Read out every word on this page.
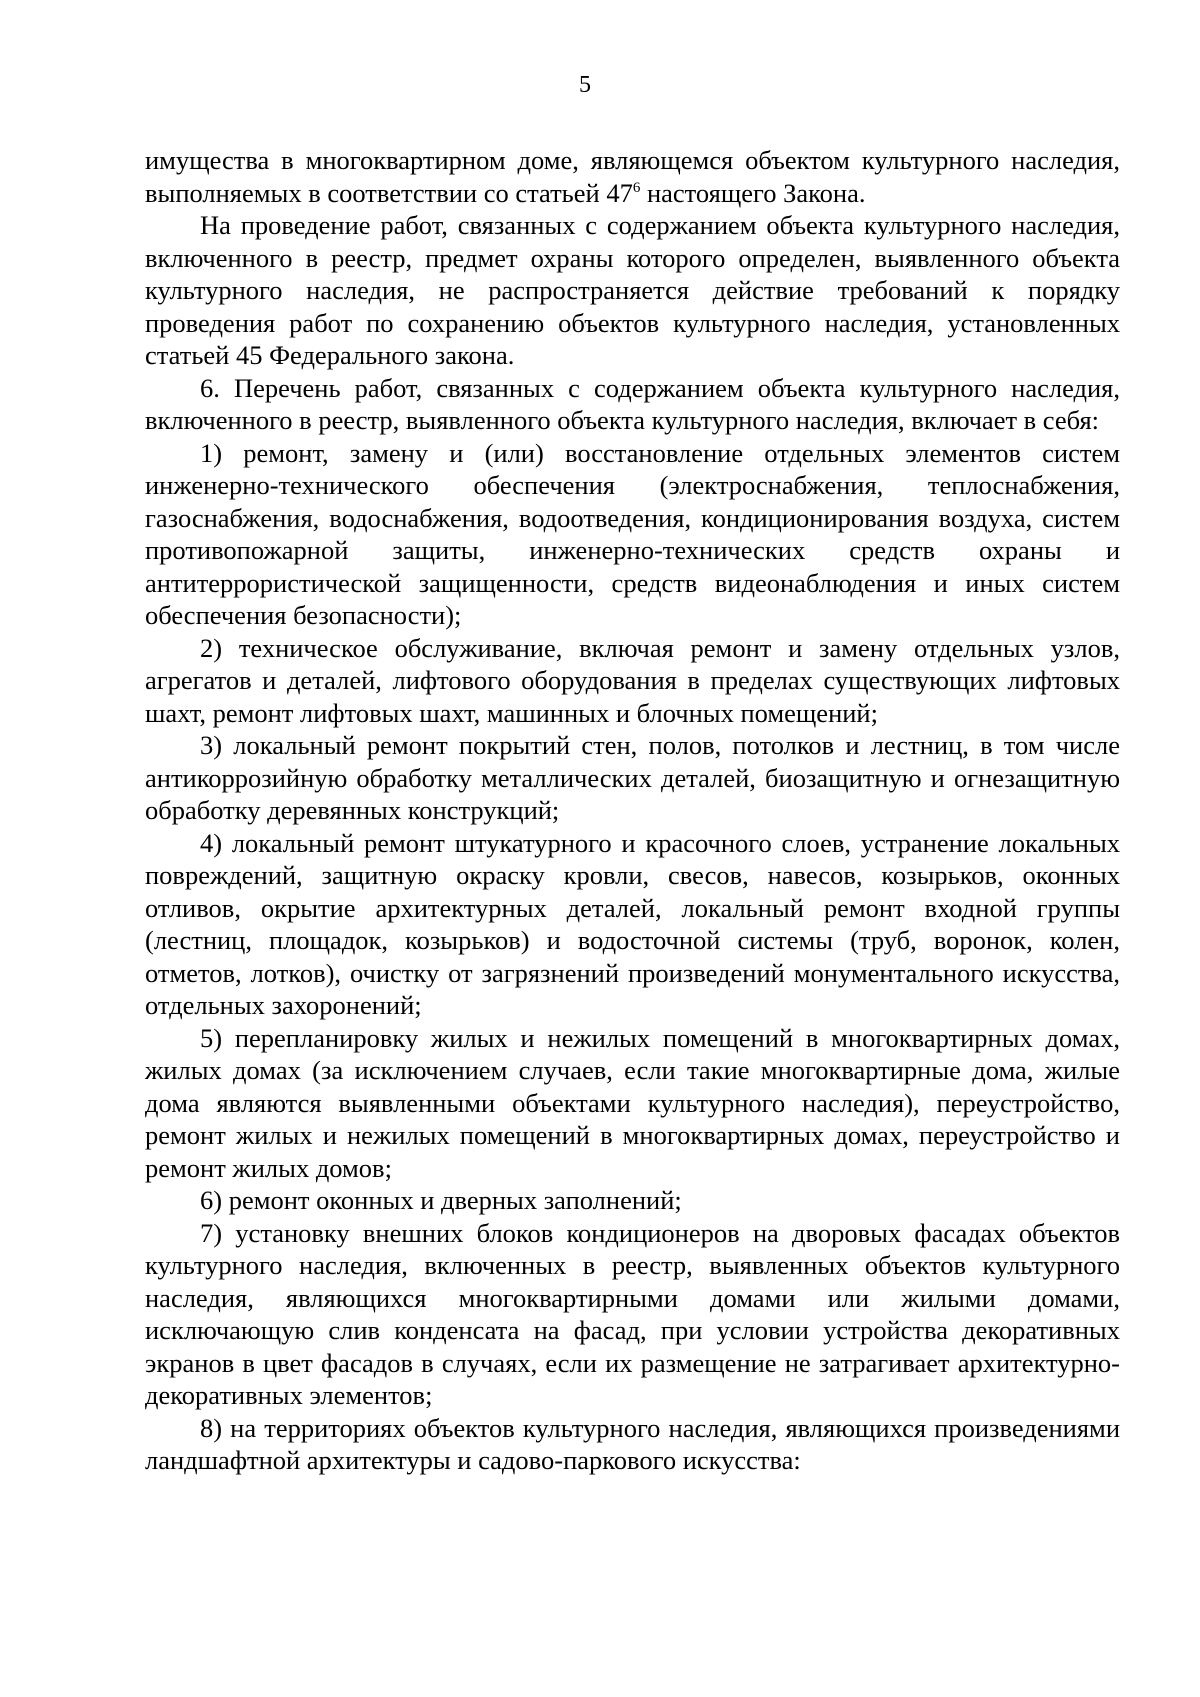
5

имущества в многоквартирном доме, являющемся объектом культурного наследия, выполняемых в соответствии со статьей $47^6$ настоящего Закона.

На проведение работ, связанных с содержанием объекта культурного наследия, включенного в реестр, предмет охраны которого определен, выявленного объекта культурного наследия, не распространяется действие требований к порядку проведения работ по сохранению объектов культурного наследия, установленных статьей 45 Федерального закона.

6. Перечень работ, связанных с содержанием объекта культурного наследия, включенного в реестр, выявленного объекта культурного наследия, включает в себя:

1) ремонт, замену и (или) восстановление отдельных элементов систем инженерно-технического обеспечения (электроснабжения, теплоснабжения, газоснабжения, водоснабжения, водоотведения, кондиционирования воздуха, систем противопожарной защиты, инженерно-технических средств охраны и антитеррористической защищенности, средств видеонаблюдения и иных систем обеспечения безопасности);

2) техническое обслуживание, включая ремонт и замену отдельных узлов, агрегатов и деталей, лифтового оборудования в пределах существующих лифтовых шахт, ремонт лифтовых шахт, машинных и блочных помещений;

3) локальный ремонт покрытий стен, полов, потолков и лестниц, в том числе антикоррозийную обработку металлических деталей, биозащитную и огнезащитную обработку деревянных конструкций;

4) локальный ремонт штукатурного и красочного слоев, устранение локальных повреждений, защитную окраску кровли, свесов, навесов, козырьков, оконных отливов, окрытие архитектурных деталей, локальный ремонт входной группы (лестниц, площадок, козырьков) и водосточной системы (труб, воронок, колен, отметов, лотков), очистку от загрязнений произведений монументального искусства, отдельных захоронений;

5) перепланировку жилых и нежилых помещений в многоквартирных домах, жилых домах (за исключением случаев, если такие многоквартирные дома, жилые дома являются выявленными объектами культурного наследия), переустройство, ремонт жилых и нежилых помещений в многоквартирных домах, переустройство и ремонт жилых домов;

6) ремонт оконных и дверных заполнений;

7) установку внешних блоков кондиционеров на дворовых фасадах объектов культурного наследия, включенных в реестр, выявленных объектов культурного наследия, являющихся многоквартирными домами или жилыми домами, исключающую слив конденсата на фасад, при условии устройства декоративных экранов в цвет фасадов в случаях, если их размещение не затрагивает архитектурно-декоративных элементов;

8) на территориях объектов культурного наследия, являющихся произведениями ландшафтной архитектуры и садово-паркового искусства:
